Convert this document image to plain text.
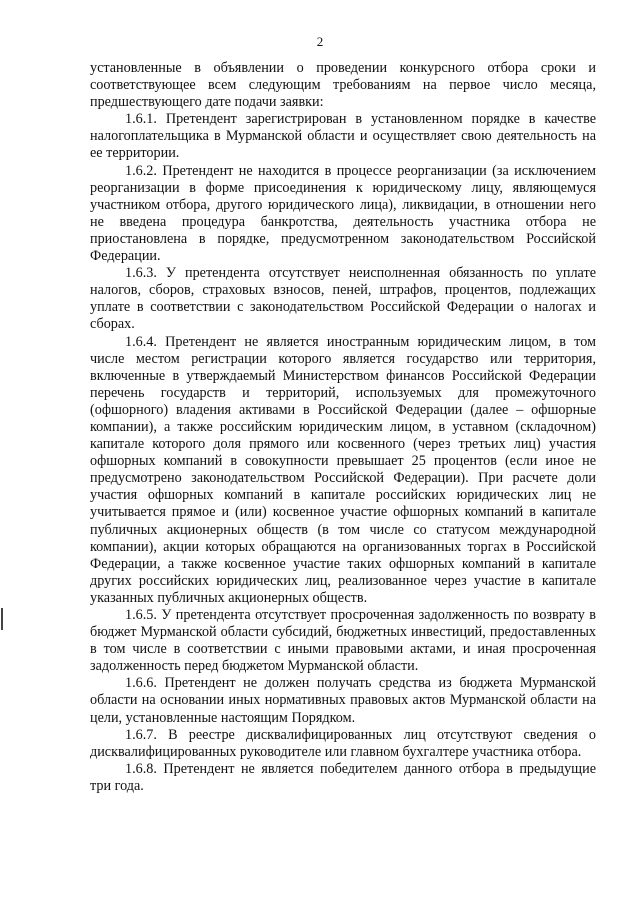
2

установленные в объявлении о проведении конкурсного отбора сроки и соответствующее всем следующим требованиям на первое число месяца, предшествующего дате подачи заявки:

1.6.1. Претендент зарегистрирован в установленном порядке в качестве налогоплательщика в Мурманской области и осуществляет свою деятельность на ее территории.

1.6.2. Претендент не находится в процессе реорганизации (за исключением реорганизации в форме присоединения к юридическому лицу, являющемуся участником отбора, другого юридического лица), ликвидации, в отношении него не введена процедура банкротства, деятельность участника отбора не приостановлена в порядке, предусмотренном законодательством Российской Федерации.

1.6.3. У претендента отсутствует неисполненная обязанность по уплате налогов, сборов, страховых взносов, пеней, штрафов, процентов, подлежащих уплате в соответствии с законодательством Российской Федерации о налогах и сборах.

1.6.4. Претендент не является иностранным юридическим лицом, в том числе местом регистрации которого является государство или территория, включенные в утверждаемый Министерством финансов Российской Федерации перечень государств и территорий, используемых для промежуточного (офшорного) владения активами в Российской Федерации (далее – офшорные компании), а также российским юридическим лицом, в уставном (складочном) капитале которого доля прямого или косвенного (через третьих лиц) участия офшорных компаний в совокупности превышает 25 процентов (если иное не предусмотрено законодательством Российской Федерации). При расчете доли участия офшорных компаний в капитале российских юридических лиц не учитывается прямое и (или) косвенное участие офшорных компаний в капитале публичных акционерных обществ (в том числе со статусом международной компании), акции которых обращаются на организованных торгах в Российской Федерации, а также косвенное участие таких офшорных компаний в капитале других российских юридических лиц, реализованное через участие в капитале указанных публичных акционерных обществ.

1.6.5. У претендента отсутствует просроченная задолженность по возврату в бюджет Мурманской области субсидий, бюджетных инвестиций, предоставленных в том числе в соответствии с иными правовыми актами, и иная просроченная задолженность перед бюджетом Мурманской области.

1.6.6. Претендент не должен получать средства из бюджета Мурманской области на основании иных нормативных правовых актов Мурманской области на цели, установленные настоящим Порядком.

1.6.7. В реестре дисквалифицированных лиц отсутствуют сведения о дисквалифицированных руководителе или главном бухгалтере участника отбора.

1.6.8. Претендент не является победителем данного отбора в предыдущие три года.
